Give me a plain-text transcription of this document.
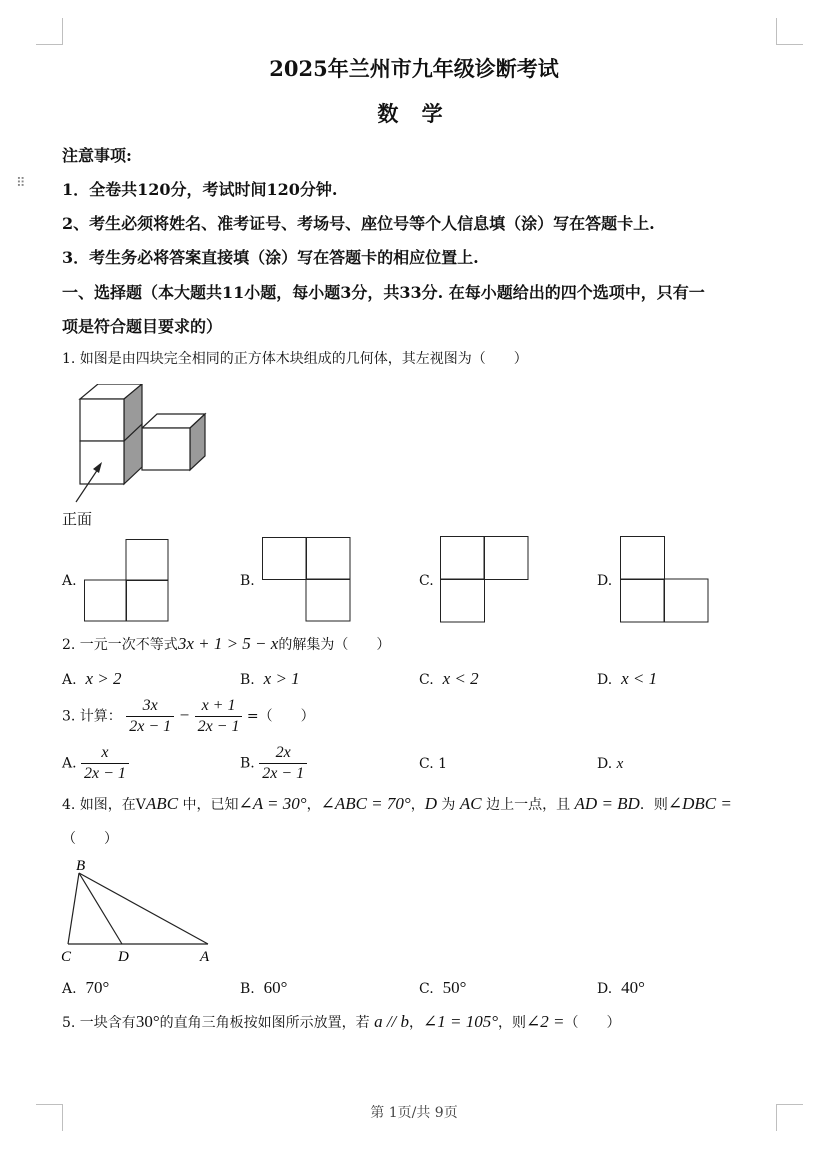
⠿
2025年兰州市九年级诊断考试
数 学
注意事项:
1．全卷共120分，考试时间120分钟.
2、考生必须将姓名、准考证号、考场号、座位号等个人信息填（涂）写在答题卡上.
3．考生务必将答案直接填（涂）写在答题卡的相应位置上.
一、选择题（本大题共11小题，每小题3分，共33分. 在每小题给出的四个选项中，只有一
项是符合题目要求的）
1. 如图是由四块完全相同的正方体木块组成的几何体，其左视图为（　　）
正面
A.	B.	C.	D.
2. 一元一次不等式3x + 1 > 5 − x的解集为（　　）
A. x > 2	B. x > 1	C. x < 2	D. x < 1
3. 计算： $\frac{3x}{2x - 1} - \frac{x + 1}{2x - 1}$ =（　　）
A. $\frac{x}{2x - 1}$	B. $\frac{2x}{2x - 1}$	C. 1	D. x
4. 如图，在VABC 中，已知∠A = 30°，∠ABC = 70°，D 为 AC 边上一点，且 AD = BD．则∠DBC =
（　　）
B
C	D	A
A. 70°	B. 60°	C. 50°	D. 40°
5. 一块含有30°的直角三角板按如图所示放置，若 a // b，∠1 = 105°，则∠2 =（　　）
第 1页/共 9页
